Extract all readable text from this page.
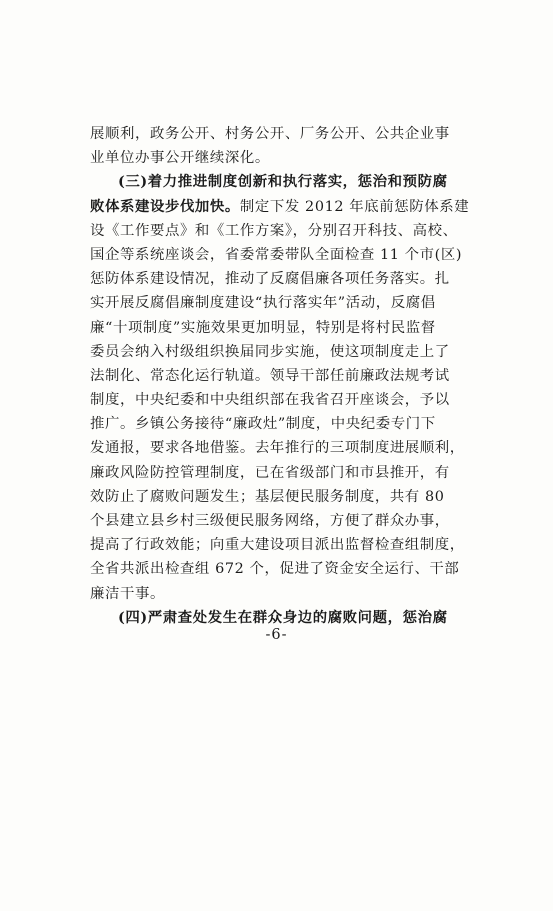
展顺利，政务公开、村务公开、厂务公开、公共企业事
业单位办事公开继续深化。
(三)着力推进制度创新和执行落实，惩治和预防腐
败体系建设步伐加快。制定下发 2012 年底前惩防体系建
设《工作要点》和《工作方案》，分别召开科技、高校、
国企等系统座谈会，省委常委带队全面检查 11 个市(区)
惩防体系建设情况，推动了反腐倡廉各项任务落实。扎
实开展反腐倡廉制度建设“执行落实年”活动，反腐倡
廉“十项制度”实施效果更加明显，特别是将村民监督
委员会纳入村级组织换届同步实施，使这项制度走上了
法制化、常态化运行轨道。领导干部任前廉政法规考试
制度，中央纪委和中央组织部在我省召开座谈会，予以
推广。乡镇公务接待“廉政灶”制度，中央纪委专门下
发通报，要求各地借鉴。去年推行的三项制度进展顺利，
廉政风险防控管理制度，已在省级部门和市县推开，有
效防止了腐败问题发生；基层便民服务制度，共有 80
个县建立县乡村三级便民服务网络，方便了群众办事，
提高了行政效能；向重大建设项目派出监督检查组制度，
全省共派出检查组 672 个，促进了资金安全运行、干部
廉洁干事。
(四)严肃查处发生在群众身边的腐败问题，惩治腐
-6-
